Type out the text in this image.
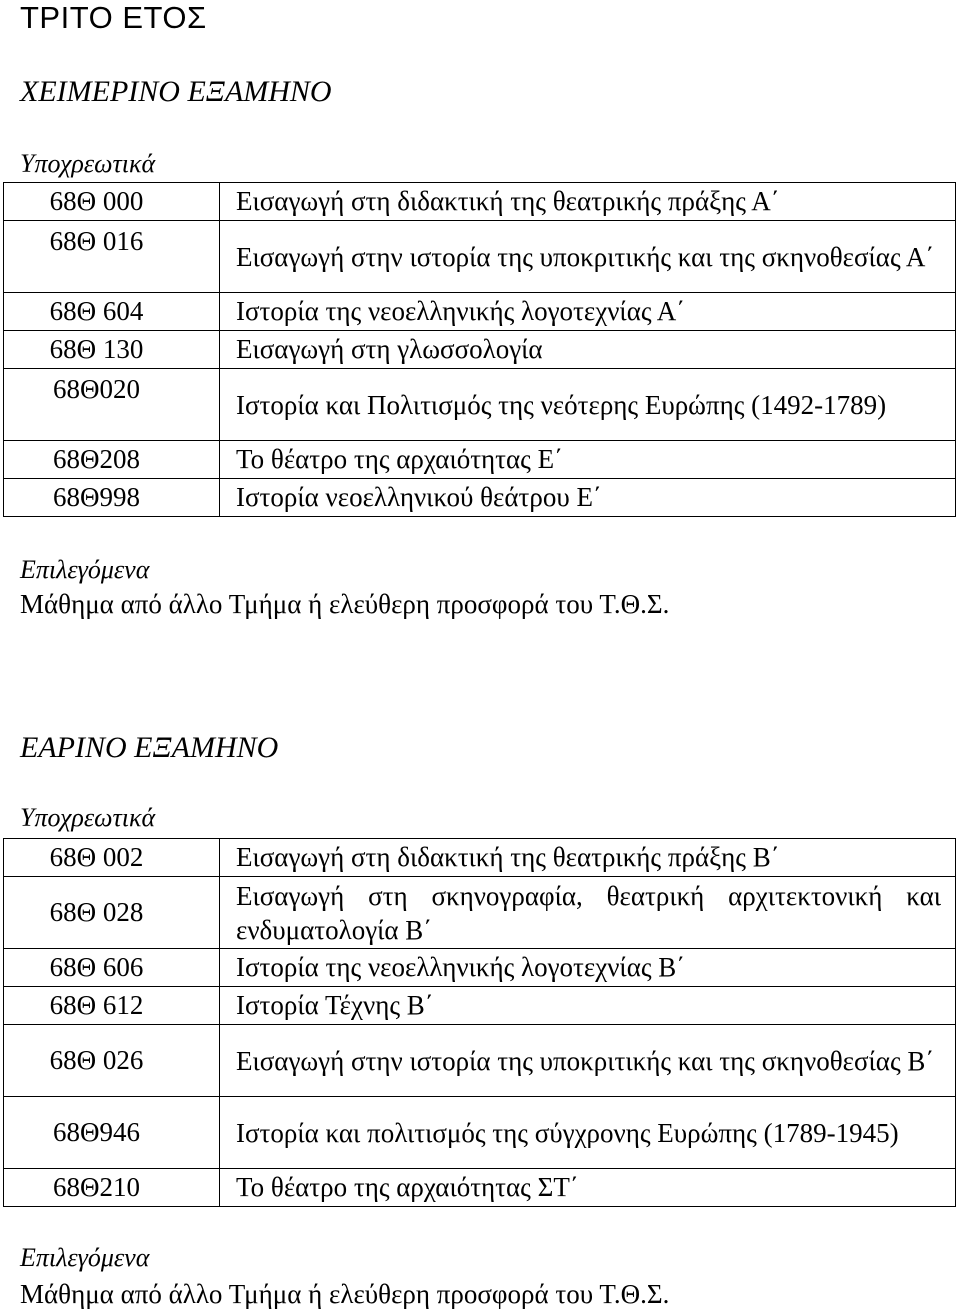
ΤΡΙΤΟ ΕΤΟΣ
ΧΕΙΜΕΡΙΝΟ ΕΞΑΜΗΝΟ
Υποχρεωτικά
68Θ 000	Εισαγωγή στη διδακτική της θεατρικής πράξης Α΄
68Θ 016	Εισαγωγή στην ιστορία της υποκριτικής και της σκηνοθεσίας Α΄
68Θ 604	Ιστορία της νεοελληνικής λογοτεχνίας Α΄
68Θ 130	Εισαγωγή στη γλωσσολογία
68Θ020	Ιστορία και Πολιτισμός της νεότερης Ευρώπης (1492-1789)
68Θ208	Το θέατρο της αρχαιότητας Ε΄
68Θ998	Ιστορία νεοελληνικού θεάτρου Ε΄
Επιλεγόμενα
Μάθημα από άλλο Τμήμα ή ελεύθερη προσφορά του Τ.Θ.Σ.
ΕΑΡΙΝΟ ΕΞΑΜΗΝΟ
Υποχρεωτικά
68Θ 002	Εισαγωγή στη διδακτική της θεατρικής πράξης Β΄
68Θ 028	Εισαγωγή στη σκηνογραφία, θεατρική αρχιτεκτονική και ενδυματολογία Β΄
68Θ 606	Ιστορία της νεοελληνικής λογοτεχνίας Β΄
68Θ 612	Ιστορία Τέχνης Β΄
68Θ 026	Εισαγωγή στην ιστορία της υποκριτικής και της σκηνοθεσίας Β΄
68Θ946	Ιστορία και πολιτισμός της σύγχρονης Ευρώπης (1789-1945)
68Θ210	Το θέατρο της αρχαιότητας ΣΤ΄
Επιλεγόμενα
Μάθημα από άλλο Τμήμα ή ελεύθερη προσφορά του Τ.Θ.Σ.
